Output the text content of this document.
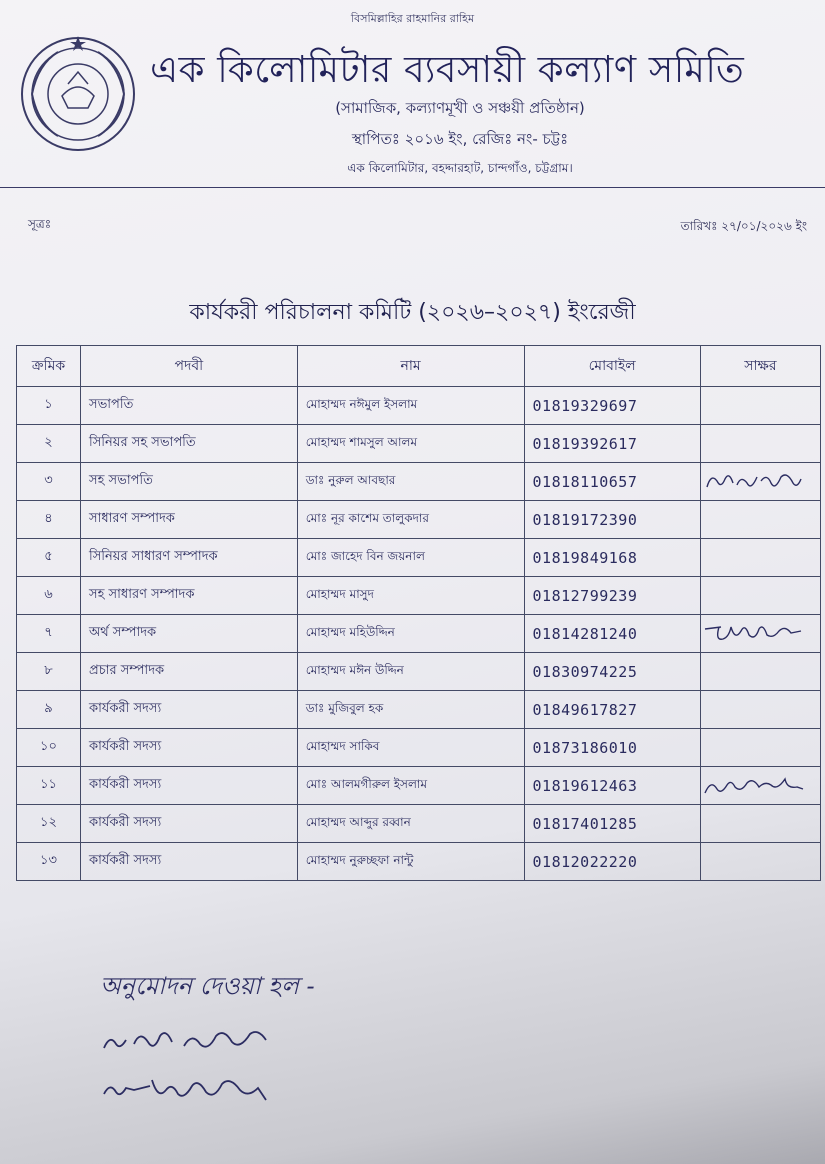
বিসমিল্লাহির রাহমানির রাহিম
এক কিলোমিটার ব্যবসায়ী কল্যাণ সমিতি
(সামাজিক, কল্যাণমূখী ও সঞ্চয়ী প্রতিষ্ঠান)
স্থাপিতঃ ২০১৬ ইং, রেজিঃ নং- চট্টঃ
এক কিলোমিটার, বহদ্দারহাট, চান্দগাঁও, চট্টগ্রাম।
সূত্রঃ	তারিখঃ ২৭/০১/২০২৬ ইং
কার্যকরী পরিচালনা কমিটি (২০২৬–২০২৭) ইংরেজী
ক্রমিক	পদবী	নাম	মোবাইল	সাক্ষর
১	সভাপতি	মোহাম্মদ নঈমুল ইসলাম	01819329697	
২	সিনিয়র সহ সভাপতি	মোহাম্মদ শামসুল আলম	01819392617	
৩	সহ সভাপতি	ডাঃ নুরুল আবছার	01818110657	

৪	সাধারণ সম্পাদক	মোঃ নূর কাশেম তালুকদার	01819172390	
৫	সিনিয়র সাধারণ সম্পাদক	মোঃ জাহেদ বিন জয়নাল	01819849168	
৬	সহ সাধারণ সম্পাদক	মোহাম্মদ মাসুদ	01812799239	
৭	অর্থ সম্পাদক	মোহাম্মদ মহিউদ্দিন	01814281240	

৮	প্রচার সম্পাদক	মোহাম্মদ মঈন উদ্দিন	01830974225	
৯	কার্যকরী সদস্য	ডাঃ মুজিবুল হক	01849617827	
১০	কার্যকরী সদস্য	মোহাম্মদ সাকিব	01873186010	
১১	কার্যকরী সদস্য	মোঃ আলমগীরুল ইসলাম	01819612463	

১২	কার্যকরী সদস্য	মোহাম্মদ আব্দুর রব্বান	01817401285	
১৩	কার্যকরী সদস্য	মোহাম্মদ নুরুচ্ছফা নান্টু	01812022220	
অনুমোদন দেওয়া হল -
